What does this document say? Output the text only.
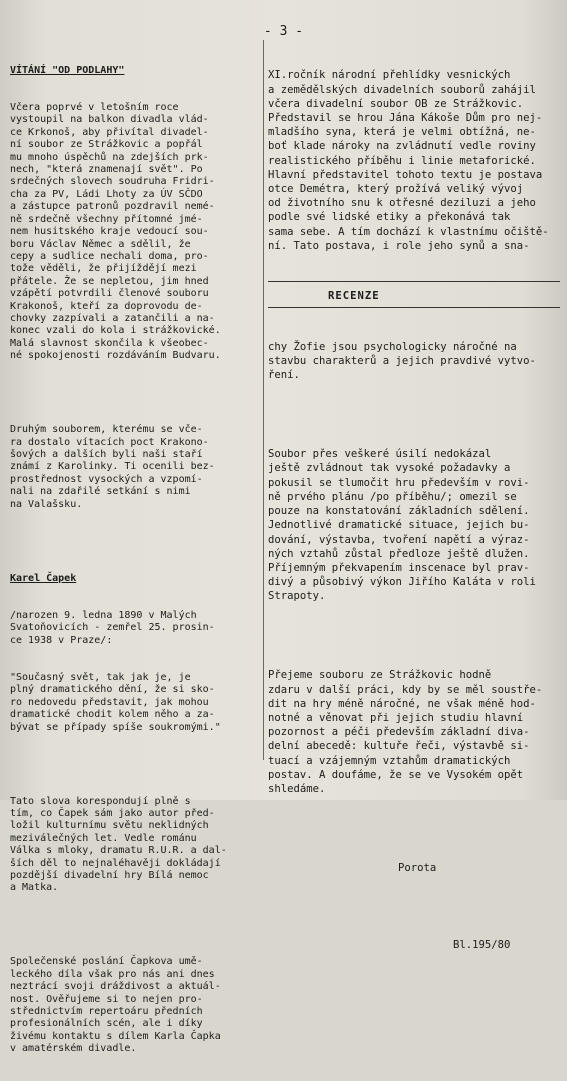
- 3 -

VÍTÁNÍ "OD PODLAHY"

Včera poprvé v letošním roce
vystoupil na balkon divadla vlád-
ce Krkonoš, aby přivítal divadel-
ní soubor ze Strážkovic a popřál
mu mnoho úspěchů na zdejších prk-
nech, "která znamenají svět". Po
srdečných slovech soudruha Fridri-
cha za PV, Ládi Lhoty za ÚV SČDO
a zástupce patronů pozdravil nemé-
ně srdečně všechny přítomné jmé-
nem husitského kraje vedoucí sou-
boru Václav Němec a sdělil, že
cepy a sudlice nechali doma, pro-
tože věděli, že přijíždějí mezi
přátele. Že se nepletou, jim hned
vzápětí potvrdili členové souboru
Krakonoš, kteří za doprovodu de-
chovky zazpívali a zatančili a na-
konec vzali do kola i strážkovické.
Malá slavnost skončila k všeobec-
né spokojenosti rozdáváním Budvaru.

Druhým souborem, kterému se vče-
ra dostalo vítacích poct Krakono-
šových a dalších byli naši staří
známí z Karolinky. Ti ocenili bez-
prostřednost vysockých a vzpomí-
nali na zdařilé setkání s nimi
na Valašsku.

Karel Čapek

/narozen 9. ledna 1890 v Malých
Svatoňovicích - zemřel 25. prosin-
ce 1938 v Praze/:

"Současný svět, tak jak je, je
plný dramatického dění, že si sko-
ro nedovedu představit, jak mohou
dramatické chodit kolem něho a za-
bývat se případy spíše soukromými."

Tato slova korespondují plně s
tím, co Čapek sám jako autor před-
ložil kulturnímu světu neklidných
meziválečných let. Vedle románu
Válka s mloky, dramatu R.U.R. a dal-
ších děl to nejnaléhavěji dokládají
pozdější divadelní hry Bílá nemoc
a Matka.

Společenské poslání Čapkova umě-
leckého díla však pro nás ani dnes
neztrácí svoji dráždivost a aktuál-
nost. Ověřujeme si to nejen pro-
střednictvím repertoáru předních
profesionálních scén, ale i díky
živému kontaktu s dílem Karla Čapka
v amatérském divadle.

XI.ročník národní přehlídky vesnických
a zemědělských divadelních souborů zahájil
včera divadelní soubor OB ze Strážkovic.
Představil se hrou Jána Kákoše Dům pro nej-
mladšího syna, která je velmi obtížná, ne-
boť klade nároky na zvládnutí vedle roviny
realistického příběhu i linie metaforické.
Hlavní představitel tohoto textu je postava
otce Demétra, který prožívá veliký vývoj
od životního snu k otřesné deziluzi a jeho
podle své lidské etiky a překonává tak
sama sebe. A tím dochází k vlastnímu očiště-
ní. Tato postava, i role jeho synů a sna-

RECENZE

chy Žofie jsou psychologicky náročné na
stavbu charakterů a jejich pravdivé vytvo-
ření.

Soubor přes veškeré úsilí nedokázal
ještě zvládnout tak vysoké požadavky a
pokusil se tlumočit hru především v rovi-
ně prvého plánu /po příběhu/; omezil se
pouze na konstatování základních sdělení.
Jednotlivé dramatické situace, jejich bu-
dování, výstavba, tvoření napětí a výraz-
ných vztahů zůstal předloze ještě dlužen.
Příjemným překvapením inscenace byl prav-
divý a působivý výkon Jiřího Kaláta v roli
Strapoty.

Přejeme souboru ze Strážkovic hodně
zdaru v další práci, kdy by se měl soustře-
dit na hry méně náročné, ne však méně hod-
notné a věnovat při jejich studiu hlavní
pozornost a péči především základní diva-
delní abecedě: kultuře řeči, výstavbě si-
tuací a vzájemným vztahům dramatických
postav. A doufáme, že se ve Vysokém opět
shledáme.

Porota

Bl.195/80
